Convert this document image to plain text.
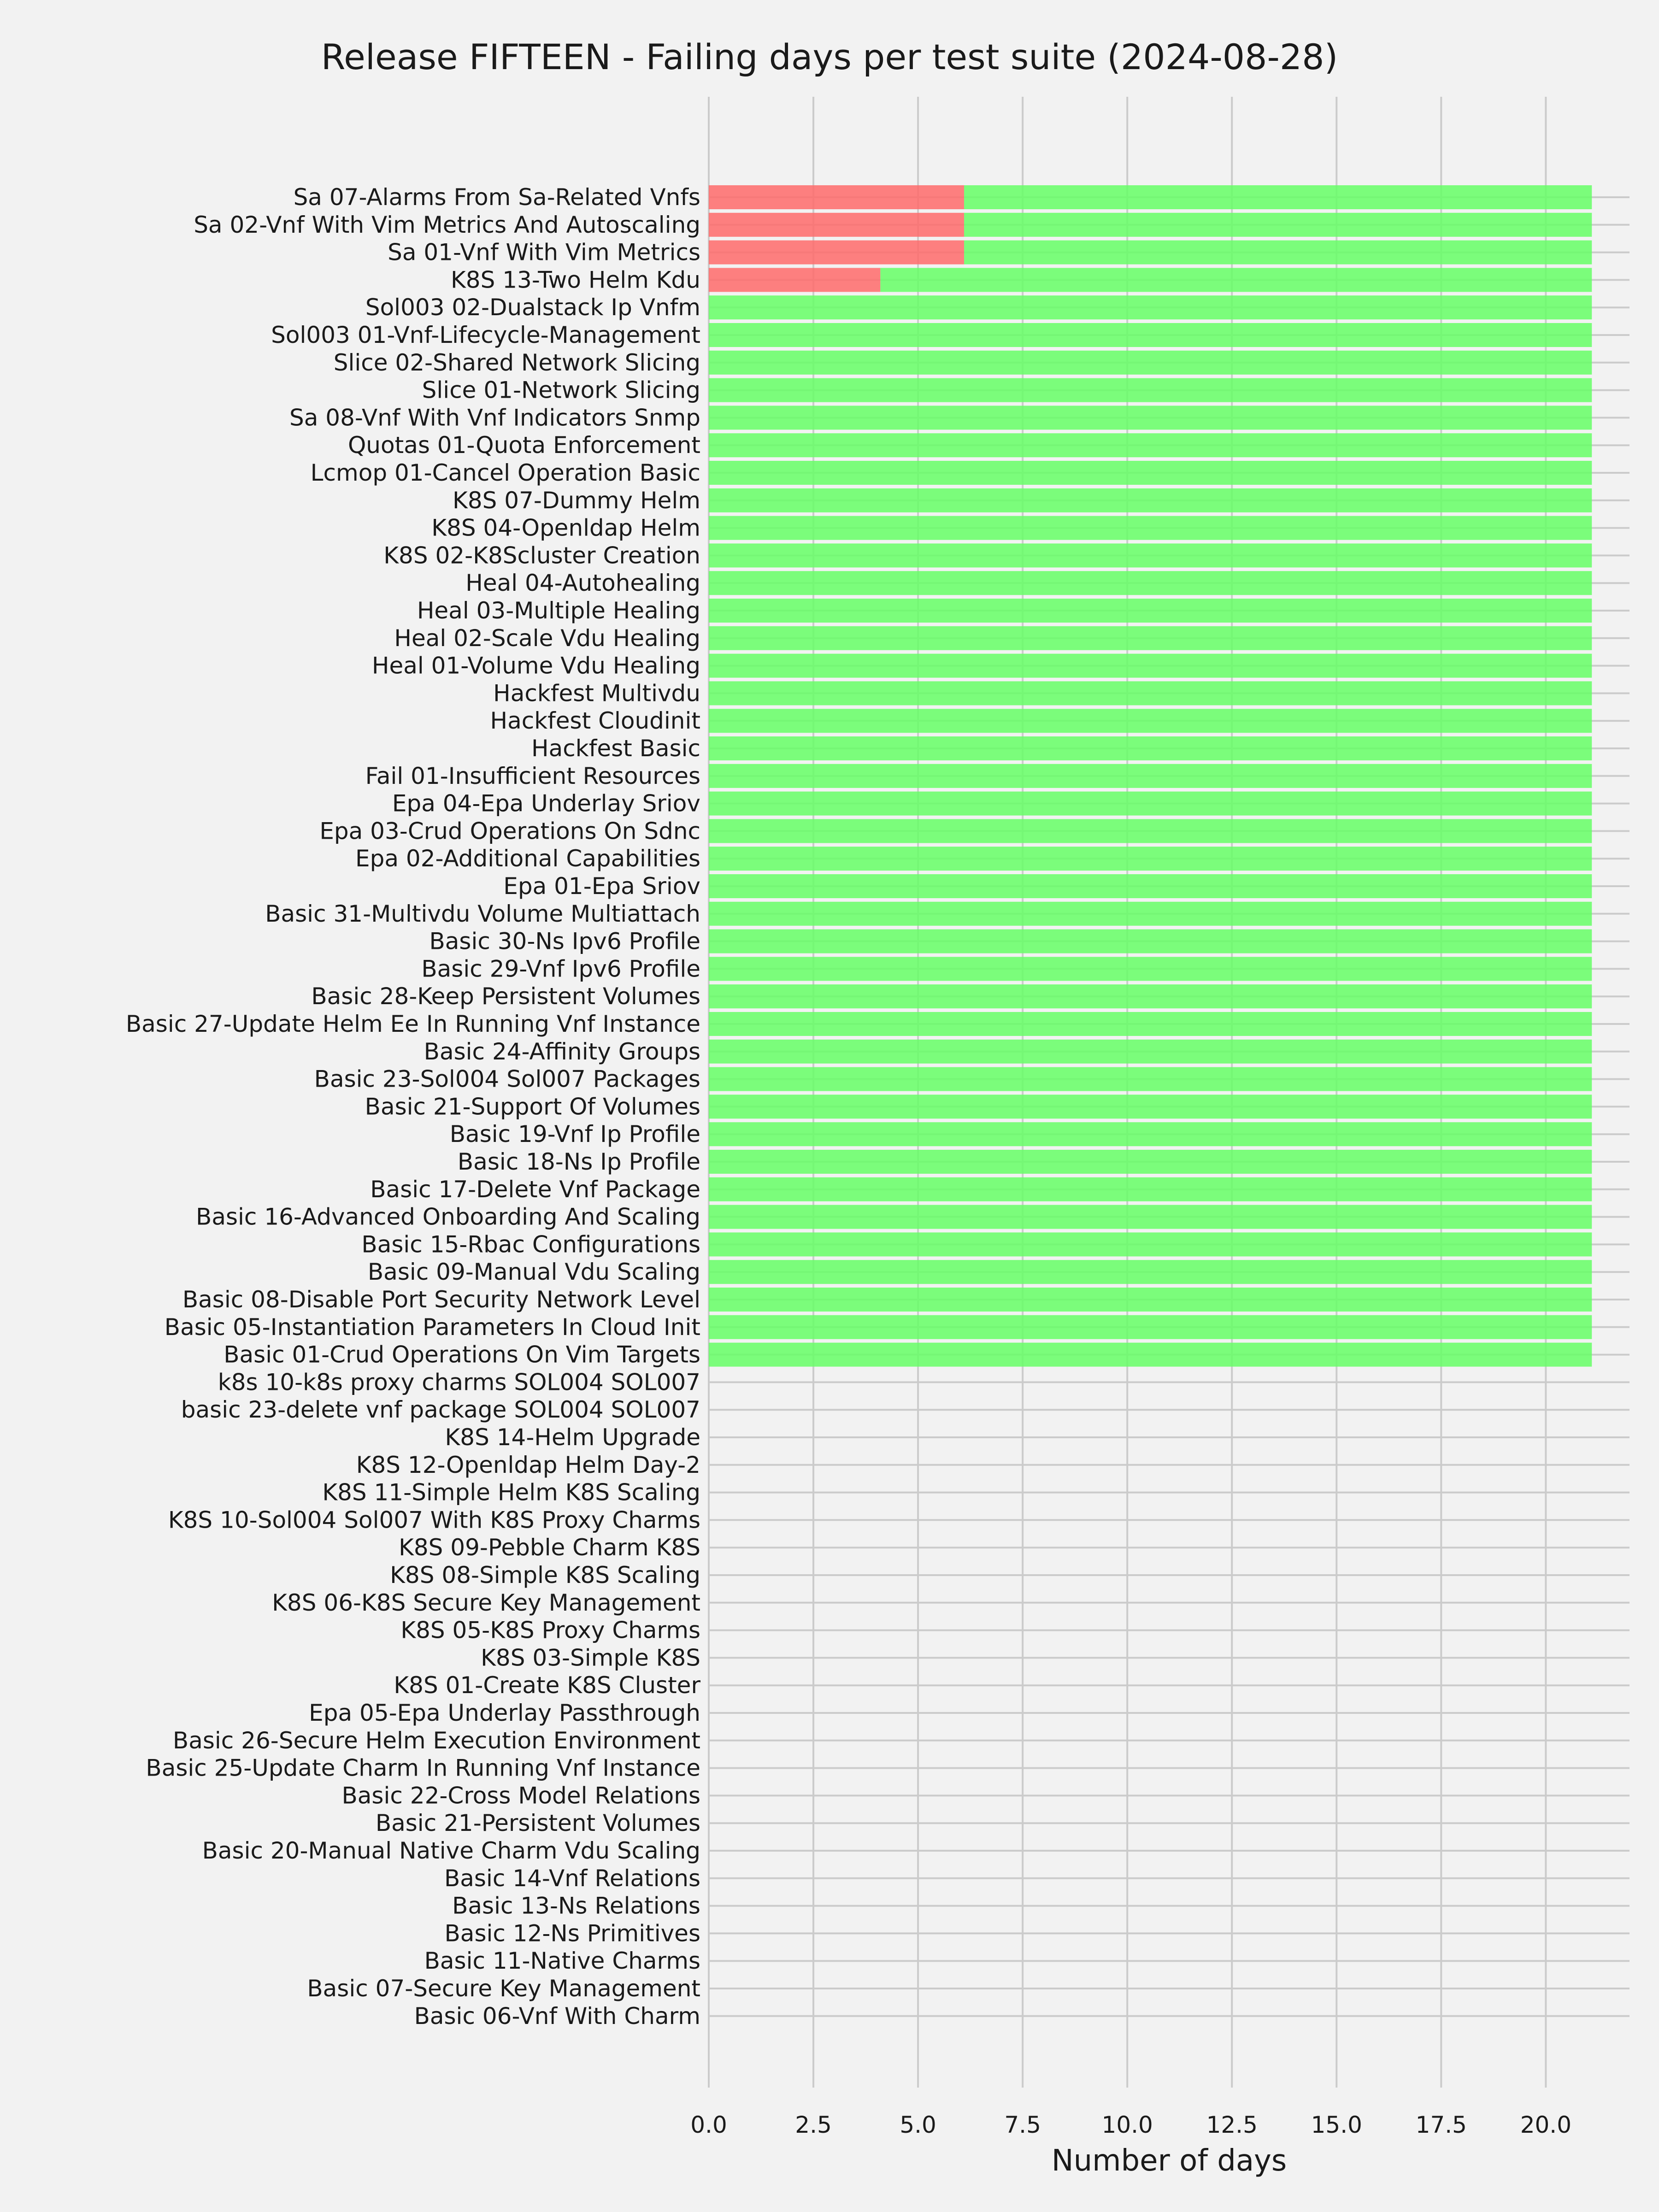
Release FIFTEEN - Failing days per test suite (2024-08-28)
Sa 07-Alarms From Sa-Related Vnfs
Sa 02-Vnf With Vim Metrics And Autoscaling
Sa 01-Vnf With Vim Metrics
K8S 13-Two Helm Kdu
Sol003 02-Dualstack Ip Vnfm
Sol003 01-Vnf-Lifecycle-Management
Slice 02-Shared Network Slicing
Slice 01-Network Slicing
Sa 08-Vnf With Vnf Indicators Snmp
Quotas 01-Quota Enforcement
Lcmop 01-Cancel Operation Basic
K8S 07-Dummy Helm
K8S 04-Openldap Helm
K8S 02-K8Scluster Creation
Heal 04-Autohealing
Heal 03-Multiple Healing
Heal 02-Scale Vdu Healing
Heal 01-Volume Vdu Healing
Hackfest Multivdu
Hackfest Cloudinit
Hackfest Basic
Fail 01-Insufficient Resources
Epa 04-Epa Underlay Sriov
Epa 03-Crud Operations On Sdnc
Epa 02-Additional Capabilities
Epa 01-Epa Sriov
Basic 31-Multivdu Volume Multiattach
Basic 30-Ns Ipv6 Profile
Basic 29-Vnf Ipv6 Profile
Basic 28-Keep Persistent Volumes
Basic 27-Update Helm Ee In Running Vnf Instance
Basic 24-Affinity Groups
Basic 23-Sol004 Sol007 Packages
Basic 21-Support Of Volumes
Basic 19-Vnf Ip Profile
Basic 18-Ns Ip Profile
Basic 17-Delete Vnf Package
Basic 16-Advanced Onboarding And Scaling
Basic 15-Rbac Configurations
Basic 09-Manual Vdu Scaling
Basic 08-Disable Port Security Network Level
Basic 05-Instantiation Parameters In Cloud Init
Basic 01-Crud Operations On Vim Targets
k8s 10-k8s proxy charms SOL004 SOL007
basic 23-delete vnf package SOL004 SOL007
K8S 14-Helm Upgrade
K8S 12-Openldap Helm Day-2
K8S 11-Simple Helm K8S Scaling
K8S 10-Sol004 Sol007 With K8S Proxy Charms
K8S 09-Pebble Charm K8S
K8S 08-Simple K8S Scaling
K8S 06-K8S Secure Key Management
K8S 05-K8S Proxy Charms
K8S 03-Simple K8S
K8S 01-Create K8S Cluster
Epa 05-Epa Underlay Passthrough
Basic 26-Secure Helm Execution Environment
Basic 25-Update Charm In Running Vnf Instance
Basic 22-Cross Model Relations
Basic 21-Persistent Volumes
Basic 20-Manual Native Charm Vdu Scaling
Basic 14-Vnf Relations
Basic 13-Ns Relations
Basic 12-Ns Primitives
Basic 11-Native Charms
Basic 07-Secure Key Management
Basic 06-Vnf With Charm
0.0	2.5	5.0	7.5	10.0 12.5 15.0 17.5 20.0
Number of days
